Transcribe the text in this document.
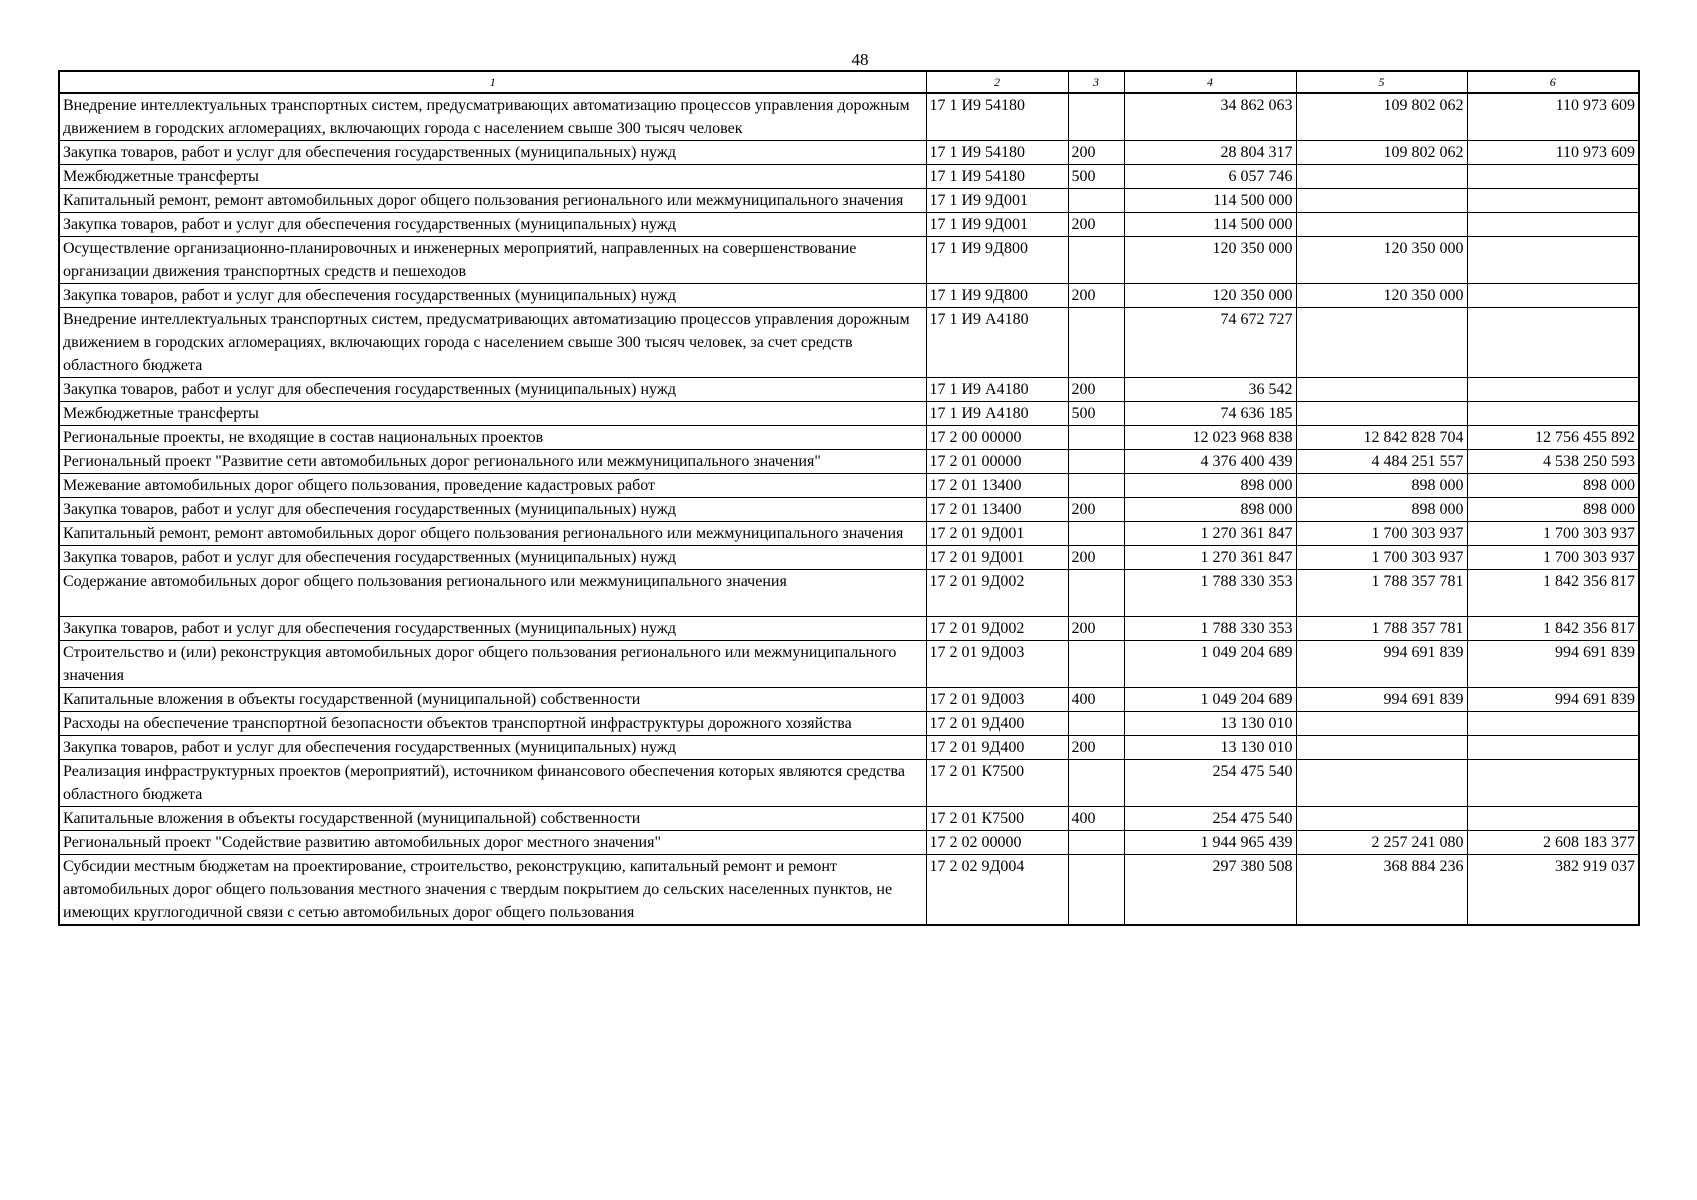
48
1	2	3	4	5	6
Внедрение интеллектуальных транспортных систем, предусматривающих автоматизацию процессов управления дорожным движением в городских агломерациях, включающих города с населением свыше 300 тысяч человек	17 1 И9 54180		34 862 063	109 802 062	110 973 609
Закупка товаров, работ и услуг для обеспечения государственных (муниципальных) нужд	17 1 И9 54180	200	28 804 317	109 802 062	110 973 609
Межбюджетные трансферты	17 1 И9 54180	500	6 057 746		
Капитальный ремонт, ремонт автомобильных дорог общего пользования регионального или межмуниципального значения	17 1 И9 9Д001		114 500 000		
Закупка товаров, работ и услуг для обеспечения государственных (муниципальных) нужд	17 1 И9 9Д001	200	114 500 000		
Осуществление организационно-планировочных и инженерных мероприятий, направленных на совершенствование организации движения транспортных средств и пешеходов	17 1 И9 9Д800		120 350 000	120 350 000	
Закупка товаров, работ и услуг для обеспечения государственных (муниципальных) нужд	17 1 И9 9Д800	200	120 350 000	120 350 000	
Внедрение интеллектуальных транспортных систем, предусматривающих автоматизацию процессов управления дорожным движением в городских агломерациях, включающих города с населением свыше 300 тысяч человек, за счет средств областного бюджета	17 1 И9 А4180		74 672 727		
Закупка товаров, работ и услуг для обеспечения государственных (муниципальных) нужд	17 1 И9 А4180	200	36 542		
Межбюджетные трансферты	17 1 И9 А4180	500	74 636 185		
Региональные проекты, не входящие в состав национальных проектов	17 2 00 00000		12 023 968 838	12 842 828 704	12 756 455 892
Региональный проект "Развитие сети автомобильных дорог регионального или межмуниципального значения"	17 2 01 00000		4 376 400 439	4 484 251 557	4 538 250 593
Межевание автомобильных дорог общего пользования, проведение кадастровых работ	17 2 01 13400		898 000	898 000	898 000
Закупка товаров, работ и услуг для обеспечения государственных (муниципальных) нужд	17 2 01 13400	200	898 000	898 000	898 000
Капитальный ремонт, ремонт автомобильных дорог общего пользования регионального или межмуниципального значения	17 2 01 9Д001		1 270 361 847	1 700 303 937	1 700 303 937
Закупка товаров, работ и услуг для обеспечения государственных (муниципальных) нужд	17 2 01 9Д001	200	1 270 361 847	1 700 303 937	1 700 303 937
Содержание автомобильных дорог общего пользования регионального или межмуниципального значения	17 2 01 9Д002		1 788 330 353	1 788 357 781	1 842 356 817
Закупка товаров, работ и услуг для обеспечения государственных (муниципальных) нужд	17 2 01 9Д002	200	1 788 330 353	1 788 357 781	1 842 356 817
Строительство и (или) реконструкция автомобильных дорог общего пользования регионального или межмуниципального значения	17 2 01 9Д003		1 049 204 689	994 691 839	994 691 839
Капитальные вложения в объекты государственной (муниципальной) собственности	17 2 01 9Д003	400	1 049 204 689	994 691 839	994 691 839
Расходы на обеспечение транспортной безопасности объектов транспортной инфраструктуры дорожного хозяйства	17 2 01 9Д400		13 130 010		
Закупка товаров, работ и услуг для обеспечения государственных (муниципальных) нужд	17 2 01 9Д400	200	13 130 010		
Реализация инфраструктурных проектов (мероприятий), источником финансового обеспечения которых являются средства областного бюджета	17 2 01 К7500		254 475 540		
Капитальные вложения в объекты государственной (муниципальной) собственности	17 2 01 К7500	400	254 475 540		
Региональный проект "Содействие развитию автомобильных дорог местного значения"	17 2 02 00000		1 944 965 439	2 257 241 080	2 608 183 377
Субсидии местным бюджетам на проектирование, строительство, реконструкцию, капитальный ремонт и ремонт автомобильных дорог общего пользования местного значения с твердым покрытием до сельских населенных пунктов, не имеющих круглогодичной связи с сетью автомобильных дорог общего пользования	17 2 02 9Д004		297 380 508	368 884 236	382 919 037
